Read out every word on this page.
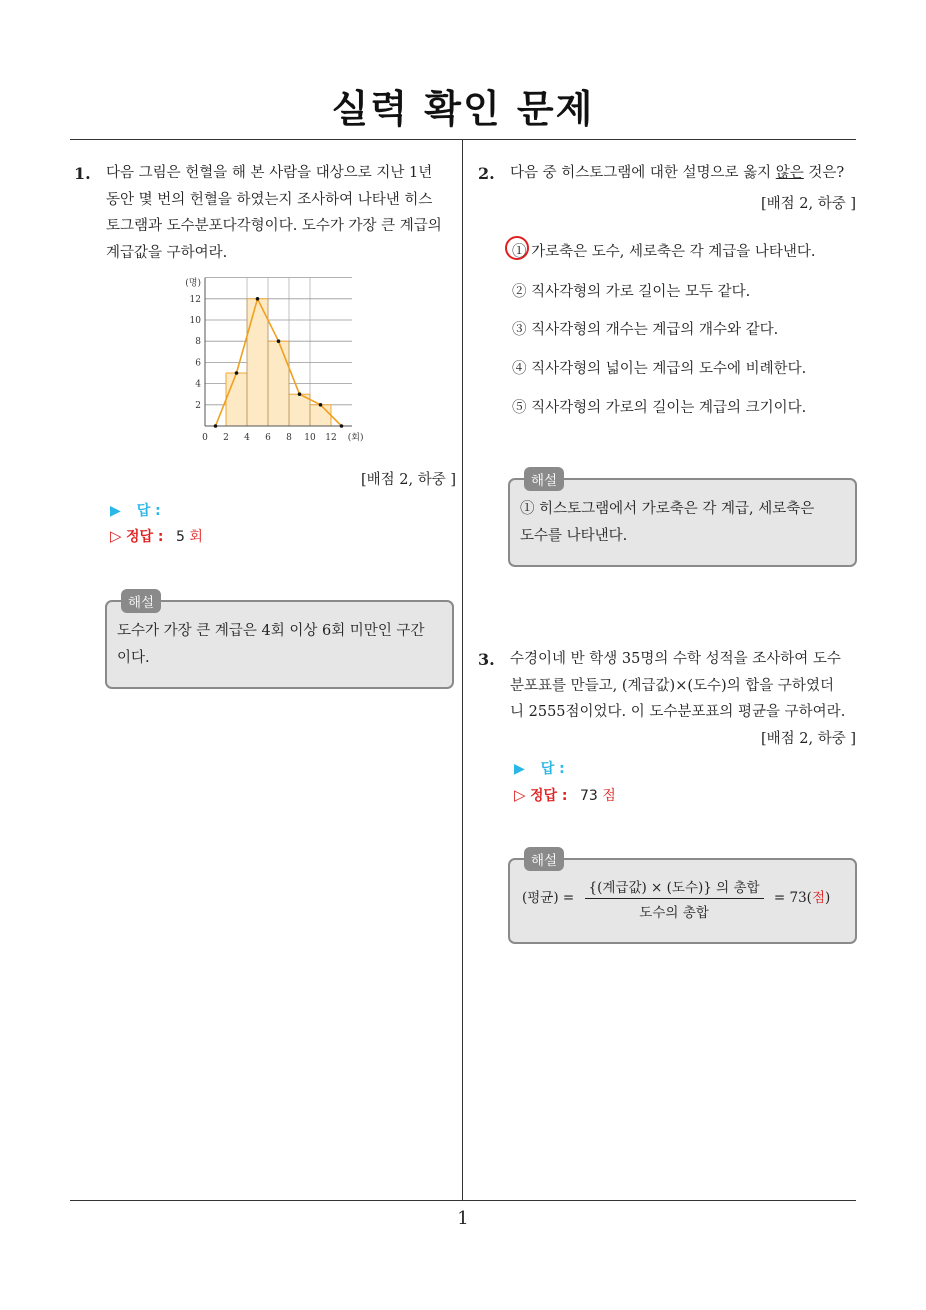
실력 확인 문제
1
1. 다음 그림은 헌혈을 해 본 사람을 대상으로 지난 1년
동안 몇 번의 헌혈을 하였는지 조사하여 나타낸 히스
토그램과 도수분포다각형이다. 도수가 가장 큰 계급의
계급값을 구하여라.
0 2 4 6 8 10 12
2
4
6
8
10
12
(명)
(회)
[배점 2, 하중 ]
▶ 답 :
▷ 정답 : 5 회
해설
도수가 가장 큰 계급은 4회 이상 6회 미만인 구간
이다.
2. 다음 중 히스토그램에 대한 설명으로 옳지 않은 것은?
[배점 2, 하중 ]
① 가로축은 도수, 세로축은 각 계급을 나타낸다.
② 직사각형의 가로 길이는 모두 같다.
③ 직사각형의 개수는 계급의 개수와 같다.
④ 직사각형의 넓이는 계급의 도수에 비례한다.
⑤ 직사각형의 가로의 길이는 계급의 크기이다.
해설
① 히스토그램에서 가로축은 각 계급, 세로축은
도수를 나타낸다.
3. 수경이네 반 학생 35명의 수학 성적을 조사하여 도수
분포표를 만들고, (계급값)×(도수)의 합을 구하였더
니 2555점이었다. 이 도수분포표의 평균을 구하여라.
[배점 2, 하중 ]
▶ 답 :
▷ 정답 : 73 점
해설
(평균) = $\frac{\text{\{(계급값) × (도수)\} 의 총합}}{\text{도수의 총합}} = 73$(점)
